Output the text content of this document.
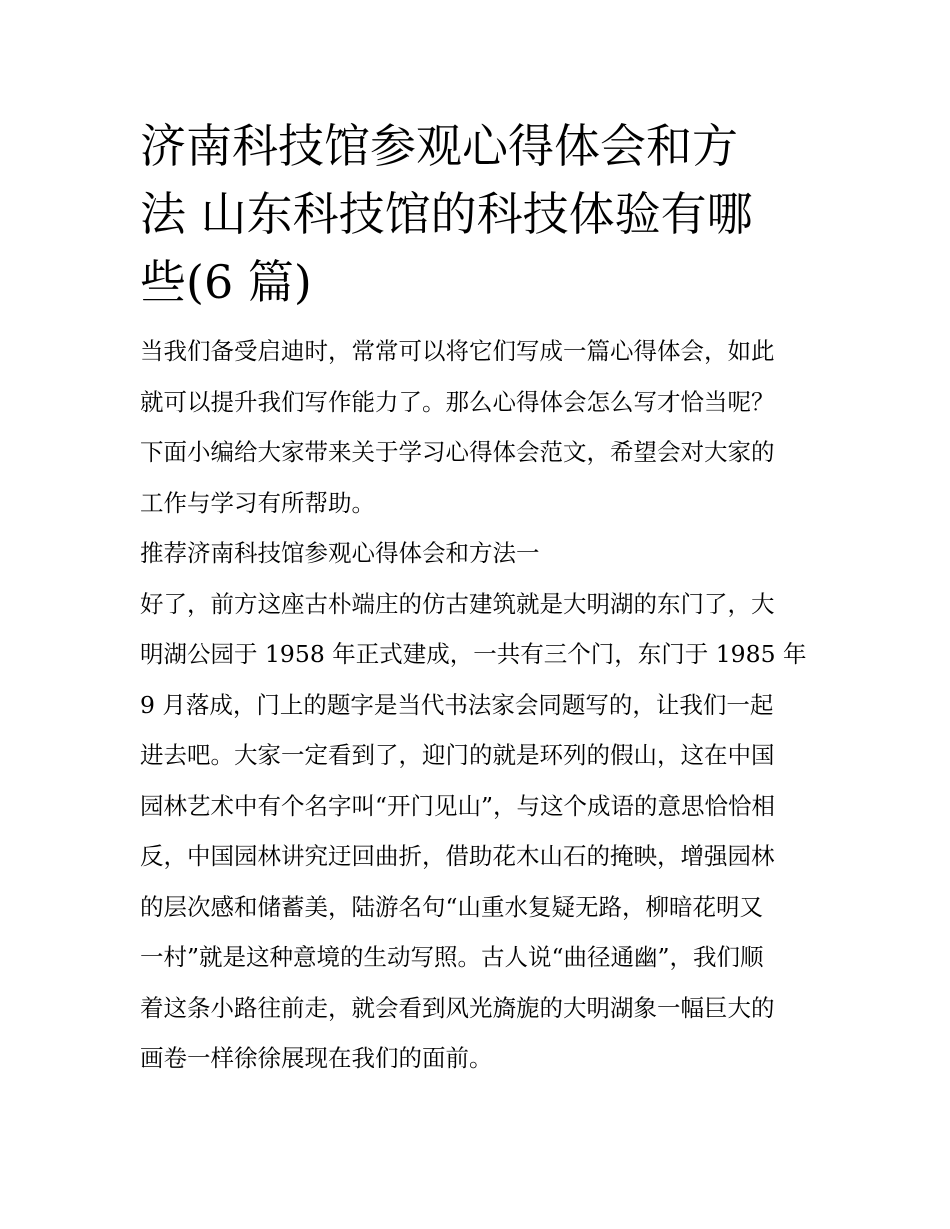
济南科技馆参观心得体会和方
法 山东科技馆的科技体验有哪
些(6 篇)
当我们备受启迪时，常常可以将它们写成一篇心得体会，如此
就可以提升我们写作能力了。那么心得体会怎么写才恰当呢？
下面小编给大家带来关于学习心得体会范文，希望会对大家的
工作与学习有所帮助。
推荐济南科技馆参观心得体会和方法一
好了，前方这座古朴端庄的仿古建筑就是大明湖的东门了，大
明湖公园于 1958 年正式建成，一共有三个门，东门于 1985 年
9 月落成，门上的题字是当代书法家会同题写的，让我们一起
进去吧。大家一定看到了，迎门的就是环列的假山，这在中国
园林艺术中有个名字叫“开门见山”，与这个成语的意思恰恰相
反，中国园林讲究迂回曲折，借助花木山石的掩映，增强园林
的层次感和储蓄美，陆游名句“山重水复疑无路，柳暗花明又
一村”就是这种意境的生动写照。古人说“曲径通幽”，我们顺
着这条小路往前走，就会看到风光旖旎的大明湖象一幅巨大的
画卷一样徐徐展现在我们的面前。
